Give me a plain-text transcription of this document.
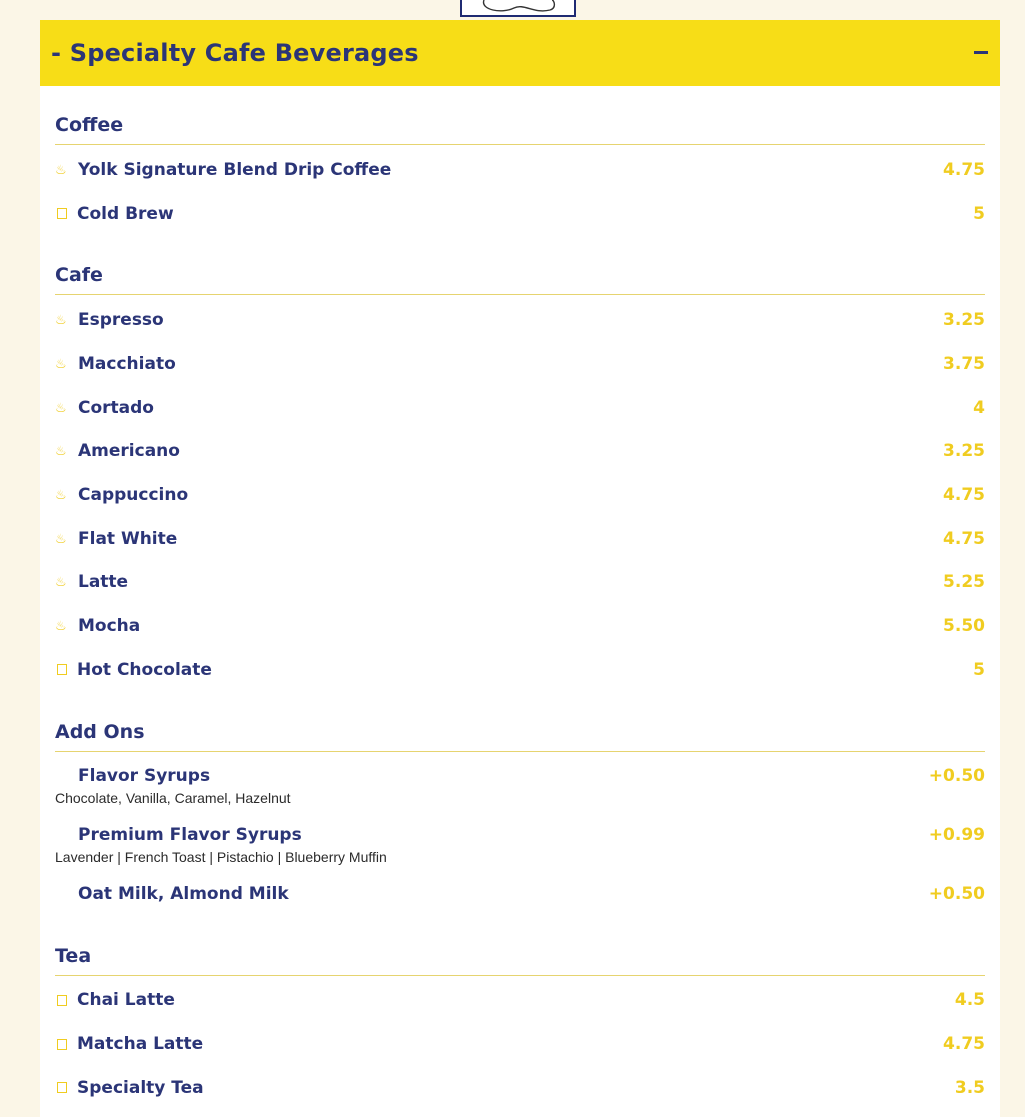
- Specialty Cafe Beverages
Coffee
♨ Yolk Signature Blend Drip Coffee	4.75
Cold Brew	5
Cafe
♨ Espresso	3.25
♨ Macchiato	3.75
♨ Cortado	4
♨ Americano	3.25
♨ Cappuccino	4.75
♨ Flat White	4.75
♨ Latte	5.25
♨ Mocha	5.50
Hot Chocolate	5
Add Ons
Flavor Syrups	+0.50
Chocolate, Vanilla, Caramel, Hazelnut
Premium Flavor Syrups	+0.99
Lavender | French Toast | Pistachio | Blueberry Muffin
Oat Milk, Almond Milk	+0.50
Tea
Chai Latte	4.5
Matcha Latte	4.75
Specialty Tea	3.5
